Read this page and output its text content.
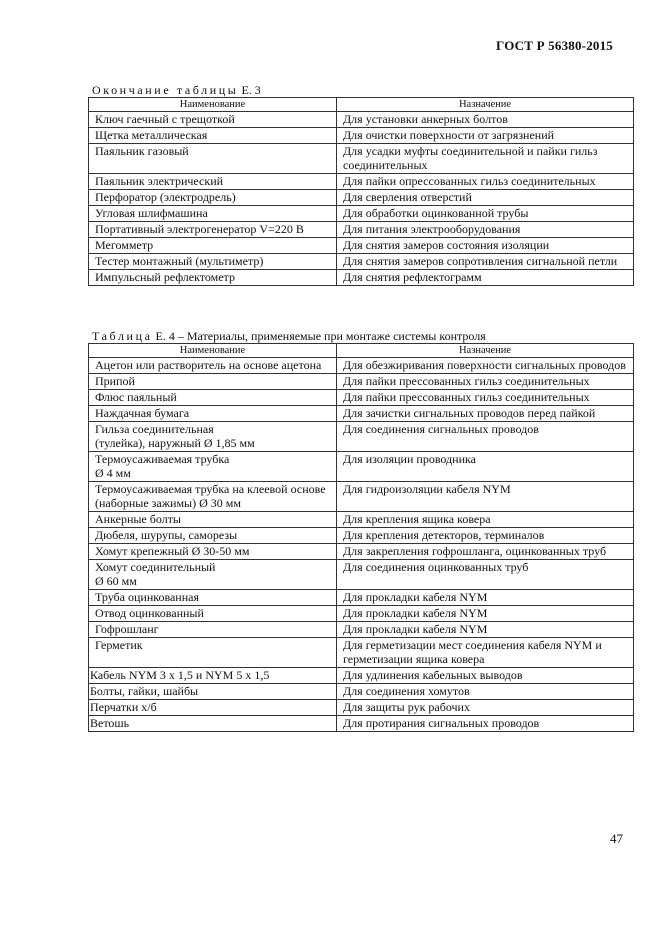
ГОСТ Р 56380-2015
Окончание таблицы Е. 3
Наименование	Назначение
Ключ гаечный с трещоткой	Для установки анкерных болтов
Щетка металлическая	Для очистки поверхности от загрязнений
Паяльник газовый	Для усадки муфты соединительной и пайки гильз соединительных
Паяльник электрический	Для пайки опрессованных гильз соединительных
Перфоратор (электродрель)	Для сверления отверстий
Угловая шлифмашина	Для обработки оцинкованной трубы
Портативный электрогенератор V=220 В	Для питания электрооборудования
Мегомметр	Для снятия замеров состояния изоляции
Тестер монтажный (мультиметр)	Для снятия замеров сопротивления сигнальной петли
Импульсный рефлектометр	Для снятия рефлектограмм
Таблица Е. 4 – Материалы, применяемые при монтаже системы контроля
Наименование	Назначение
Ацетон или растворитель на основе ацетона	Для обезжиривания поверхности сигнальных проводов
Припой	Для пайки прессованных гильз соединительных
Флюс паяльный	Для пайки прессованных гильз соединительных
Наждачная бумага	Для зачистки сигнальных проводов перед пайкой
Гильза соединительная
(тулейка), наружный Ø 1,85 мм	Для соединения сигнальных проводов
Термоусаживаемая трубка
Ø 4 мм	Для изоляции проводника
Термоусаживаемая трубка на клеевой основе (наборные зажимы) Ø 30 мм	Для гидроизоляции кабеля NYM
Анкерные болты	Для крепления ящика ковера
Дюбеля, шурупы, саморезы	Для крепления детекторов, терминалов
Хомут крепежный Ø 30-50 мм	Для закрепления гофрошланга, оцинкованных труб
Хомут соединительный
Ø 60 мм	Для соединения оцинкованных труб
Труба оцинкованная	Для прокладки кабеля NYM
Отвод оцинкованный	Для прокладки кабеля NYM
Гофрошланг	Для прокладки кабеля NYM
Герметик	Для герметизации мест соединения кабеля NYM и герметизации ящика ковера
Кабель NYM 3 х 1,5 и NYM 5 х 1,5	Для удлинения кабельных выводов
Болты, гайки, шайбы	Для соединения хомутов
Перчатки х/б	Для защиты рук рабочих
Ветошь	Для протирания сигнальных проводов
47
